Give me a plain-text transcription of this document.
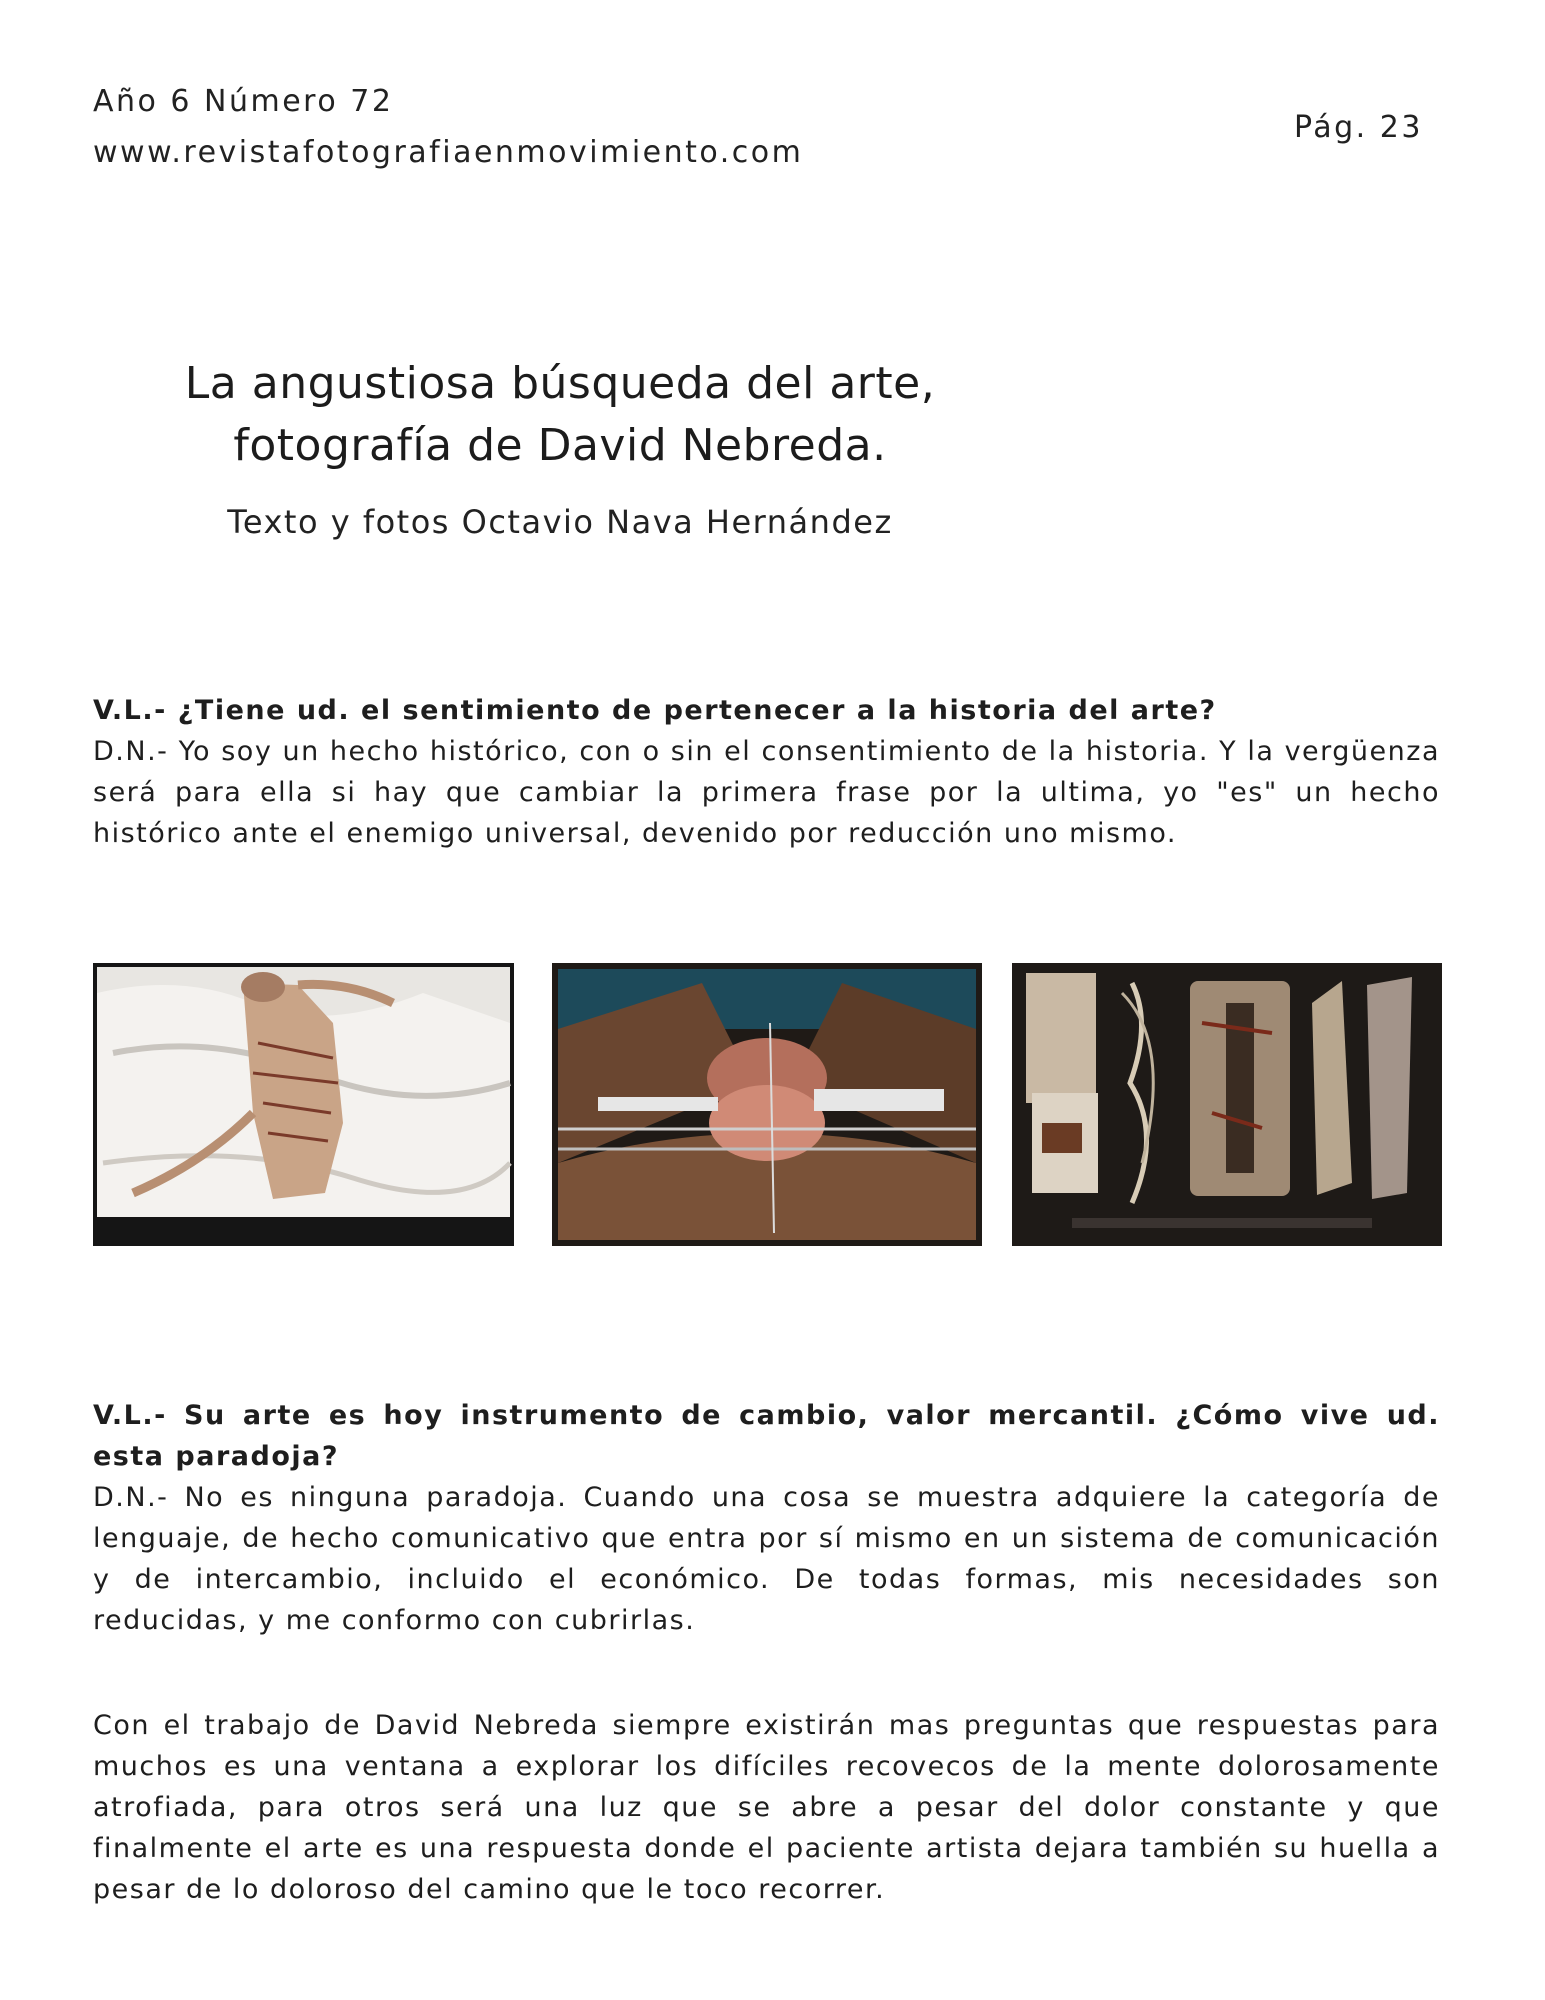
Año 6 Número 72
www.revistafotografiaenmovimiento.com
Pág. 23
La angustiosa búsqueda del arte,
fotografía de David Nebreda.
Texto y fotos Octavio Nava Hernández
V.L.- ¿Tiene ud. el sentimiento de pertenecer a la historia del arte?
D.N.- Yo soy un hecho histórico, con o sin el consentimiento de la historia. Y la vergüenza será para ella si hay que cambiar la primera frase por la ultima, yo "es" un hecho histórico ante el enemigo universal, devenido por reducción uno mismo.
V.L.- Su arte es hoy instrumento de cambio, valor mercantil. ¿Cómo vive ud. esta paradoja?
D.N.- No es ninguna paradoja. Cuando una cosa se muestra adquiere la categoría de lenguaje, de hecho comunicativo que entra por sí mismo en un sistema de comunicación y de intercambio, incluido el económico. De todas formas, mis necesidades son reducidas, y me conformo con cubrirlas.

Con el trabajo de David Nebreda siempre existirán mas preguntas que respuestas para muchos es una ventana a explorar los difíciles recovecos de la mente dolorosamente atrofiada, para otros será una luz que se abre a pesar del dolor constante y que finalmente el arte es una respuesta donde el paciente artista dejara también su huella a pesar de lo doloroso del camino que le toco recorrer.
